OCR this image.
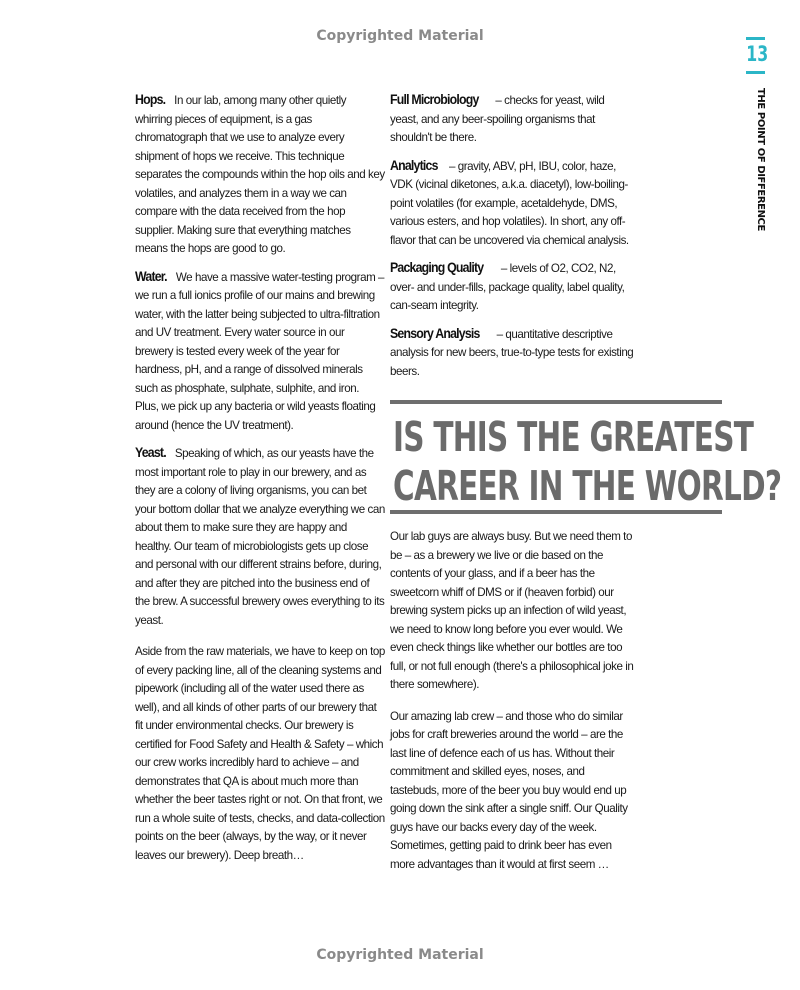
Copyrighted Material
13
THE POINT OF DIFFERENCE

Hops. In our lab, among many other quietly whirring pieces of equipment, is a gas chromatograph that we use to analyze every shipment of hops we receive. This technique separates the compounds within the hop oils and key volatiles, and analyzes them in a way we can compare with the data received from the hop supplier. Making sure that everything matches means the hops are good to go.

Water. We have a massive water-testing program – we run a full ionics profile of our mains and brewing water, with the latter being subjected to ultra-filtration and UV treatment. Every water source in our brewery is tested every week of the year for hardness, pH, and a range of dissolved minerals such as phosphate, sulphate, sulphite, and iron. Plus, we pick up any bacteria or wild yeasts floating around (hence the UV treatment).

Yeast. Speaking of which, as our yeasts have the most important role to play in our brewery, and as they are a colony of living organisms, you can bet your bottom dollar that we analyze everything we can about them to make sure they are happy and healthy. Our team of microbiologists gets up close and personal with our different strains before, during, and after they are pitched into the business end of the brew. A successful brewery owes everything to its yeast.

Aside from the raw materials, we have to keep on top of every packing line, all of the cleaning systems and pipework (including all of the water used there as well), and all kinds of other parts of our brewery that fit under environmental checks. Our brewery is certified for Food Safety and Health & Safety – which our crew works incredibly hard to achieve – and demonstrates that QA is about much more than whether the beer tastes right or not. On that front, we run a whole suite of tests, checks, and data-collection points on the beer (always, by the way, or it never leaves our brewery). Deep breath…

Full Microbiology – checks for yeast, wild yeast, and any beer-spoiling organisms that shouldn't be there.

Analytics – gravity, ABV, pH, IBU, color, haze, VDK (vicinal diketones, a.k.a. diacetyl), low-boiling-point volatiles (for example, acetaldehyde, DMS, various esters, and hop volatiles). In short, any off-flavor that can be uncovered via chemical analysis.

Packaging Quality – levels of O2, CO2, N2, over- and under-fills, package quality, label quality, can-seam integrity.

Sensory Analysis – quantitative descriptive analysis for new beers, true-to-type tests for existing beers.

IS THIS THE GREATEST
CAREER IN THE WORLD?

Our lab guys are always busy. But we need them to be – as a brewery we live or die based on the contents of your glass, and if a beer has the sweetcorn whiff of DMS or if (heaven forbid) our brewing system picks up an infection of wild yeast, we need to know long before you ever would. We even check things like whether our bottles are too full, or not full enough (there's a philosophical joke in there somewhere).

Our amazing lab crew – and those who do similar jobs for craft breweries around the world – are the last line of defence each of us has. Without their commitment and skilled eyes, noses, and tastebuds, more of the beer you buy would end up going down the sink after a single sniff. Our Quality guys have our backs every day of the week. Sometimes, getting paid to drink beer has even more advantages than it would at first seem …

Copyrighted Material
